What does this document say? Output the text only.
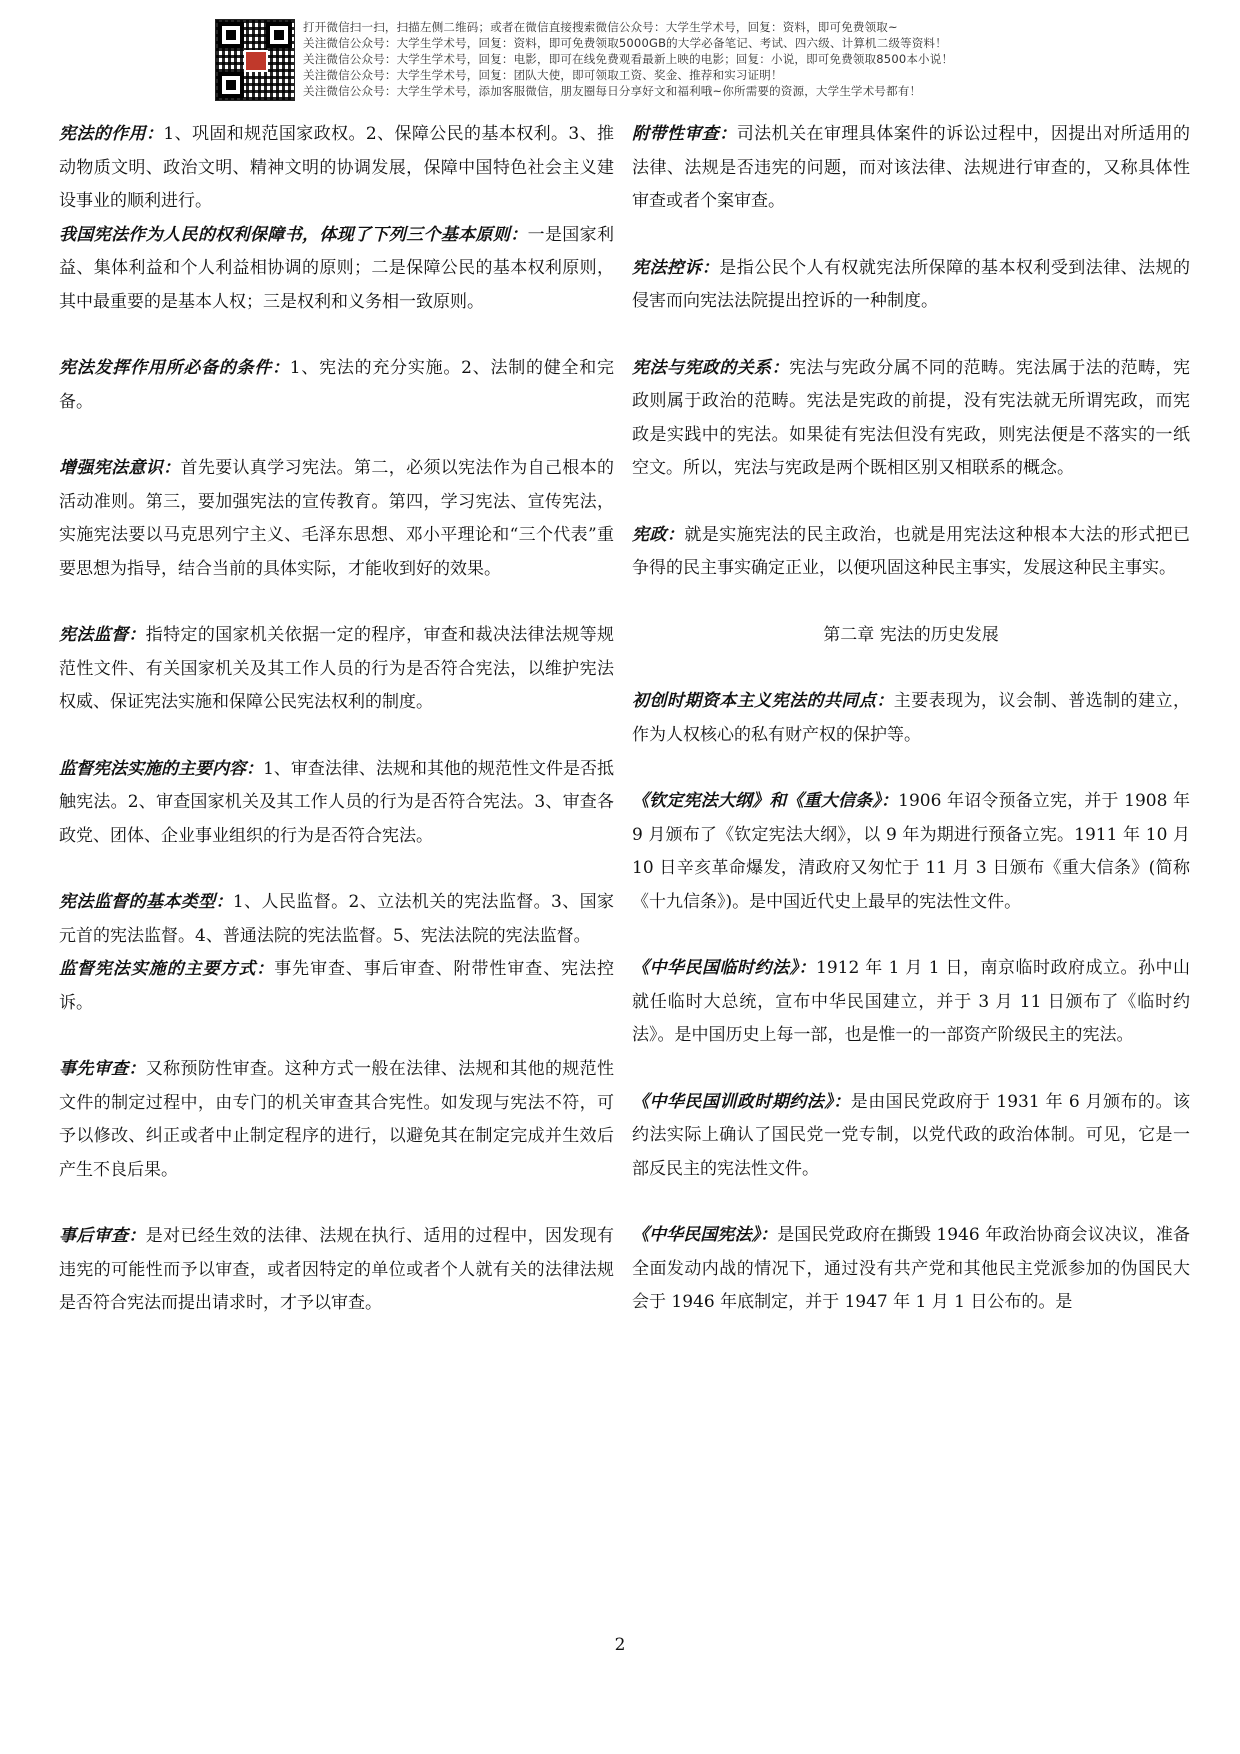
打开微信扫一扫，扫描左侧二维码；或者在微信直接搜索微信公众号：大学生学术号，回复：资料，即可免费领取~
关注微信公众号：大学生学术号，回复：资料，即可免费领取5000GB的大学必备笔记、考试、四六级、计算机二级等资料！
关注微信公众号：大学生学术号，回复：电影，即可在线免费观看最新上映的电影；回复：小说，即可免费领取8500本小说！
关注微信公众号：大学生学术号，回复：团队大使，即可领取工资、奖金、推荐和实习证明！
关注微信公众号：大学生学术号，添加客服微信，朋友圈每日分享好文和福利哦~你所需要的资源，大学生学术号都有！

宪法的作用：1、巩固和规范国家政权。2、保障公民的基本权利。3、推动物质文明、政治文明、精神文明的协调发展，保障中国特色社会主义建设事业的顺利进行。

我国宪法作为人民的权利保障书，体现了下列三个基本原则：一是国家利益、集体利益和个人利益相协调的原则；二是保障公民的基本权利原则，其中最重要的是基本人权；三是权利和义务相一致原则。

宪法发挥作用所必备的条件：1、宪法的充分实施。2、法制的健全和完备。

增强宪法意识：首先要认真学习宪法。第二，必须以宪法作为自己根本的活动准则。第三，要加强宪法的宣传教育。第四，学习宪法、宣传宪法，实施宪法要以马克思列宁主义、毛泽东思想、邓小平理论和“三个代表”重要思想为指导，结合当前的具体实际，才能收到好的效果。

宪法监督：指特定的国家机关依据一定的程序，审查和裁决法律法规等规范性文件、有关国家机关及其工作人员的行为是否符合宪法，以维护宪法权威、保证宪法实施和保障公民宪法权利的制度。

监督宪法实施的主要内容：1、审查法律、法规和其他的规范性文件是否抵触宪法。2、审查国家机关及其工作人员的行为是否符合宪法。3、审查各政党、团体、企业事业组织的行为是否符合宪法。

宪法监督的基本类型：1、人民监督。2、立法机关的宪法监督。3、国家元首的宪法监督。4、普通法院的宪法监督。5、宪法法院的宪法监督。

监督宪法实施的主要方式：事先审查、事后审查、附带性审查、宪法控诉。

事先审查：又称预防性审查。这种方式一般在法律、法规和其他的规范性文件的制定过程中，由专门的机关审查其合宪性。如发现与宪法不符，可予以修改、纠正或者中止制定程序的进行，以避免其在制定完成并生效后产生不良后果。

事后审查：是对已经生效的法律、法规在执行、适用的过程中，因发现有违宪的可能性而予以审查，或者因特定的单位或者个人就有关的法律法规是否符合宪法而提出请求时，才予以审查。

附带性审查：司法机关在审理具体案件的诉讼过程中，因提出对所适用的法律、法规是否违宪的问题，而对该法律、法规进行审查的，又称具体性审查或者个案审查。

宪法控诉：是指公民个人有权就宪法所保障的基本权利受到法律、法规的侵害而向宪法法院提出控诉的一种制度。

宪法与宪政的关系：宪法与宪政分属不同的范畴。宪法属于法的范畴，宪政则属于政治的范畴。宪法是宪政的前提，没有宪法就无所谓宪政，而宪政是实践中的宪法。如果徒有宪法但没有宪政，则宪法便是不落实的一纸空文。所以，宪法与宪政是两个既相区别又相联系的概念。

宪政：就是实施宪法的民主政治，也就是用宪法这种根本大法的形式把已争得的民主事实确定正业，以便巩固这种民主事实，发展这种民主事实。

第二章 宪法的历史发展

初创时期资本主义宪法的共同点：主要表现为，议会制、普选制的建立，作为人权核心的私有财产权的保护等。

《钦定宪法大纲》和《重大信条》：1906 年诏令预备立宪，并于 1908 年 9 月颁布了《钦定宪法大纲》，以 9 年为期进行预备立宪。1911 年 10 月 10 日辛亥革命爆发，清政府又匆忙于 11 月 3 日颁布《重大信条》(简称《十九信条》)。是中国近代史上最早的宪法性文件。

《中华民国临时约法》：1912 年 1 月 1 日，南京临时政府成立。孙中山就任临时大总统，宣布中华民国建立，并于 3 月 11 日颁布了《临时约法》。是中国历史上每一部，也是惟一的一部资产阶级民主的宪法。

《中华民国训政时期约法》：是由国民党政府于 1931 年 6 月颁布的。该约法实际上确认了国民党一党专制，以党代政的政治体制。可见，它是一部反民主的宪法性文件。

《中华民国宪法》：是国民党政府在撕毁 1946 年政治协商会议决议，准备全面发动内战的情况下，通过没有共产党和其他民主党派参加的伪国民大会于 1946 年底制定，并于 1947 年 1 月 1 日公布的。是

2
